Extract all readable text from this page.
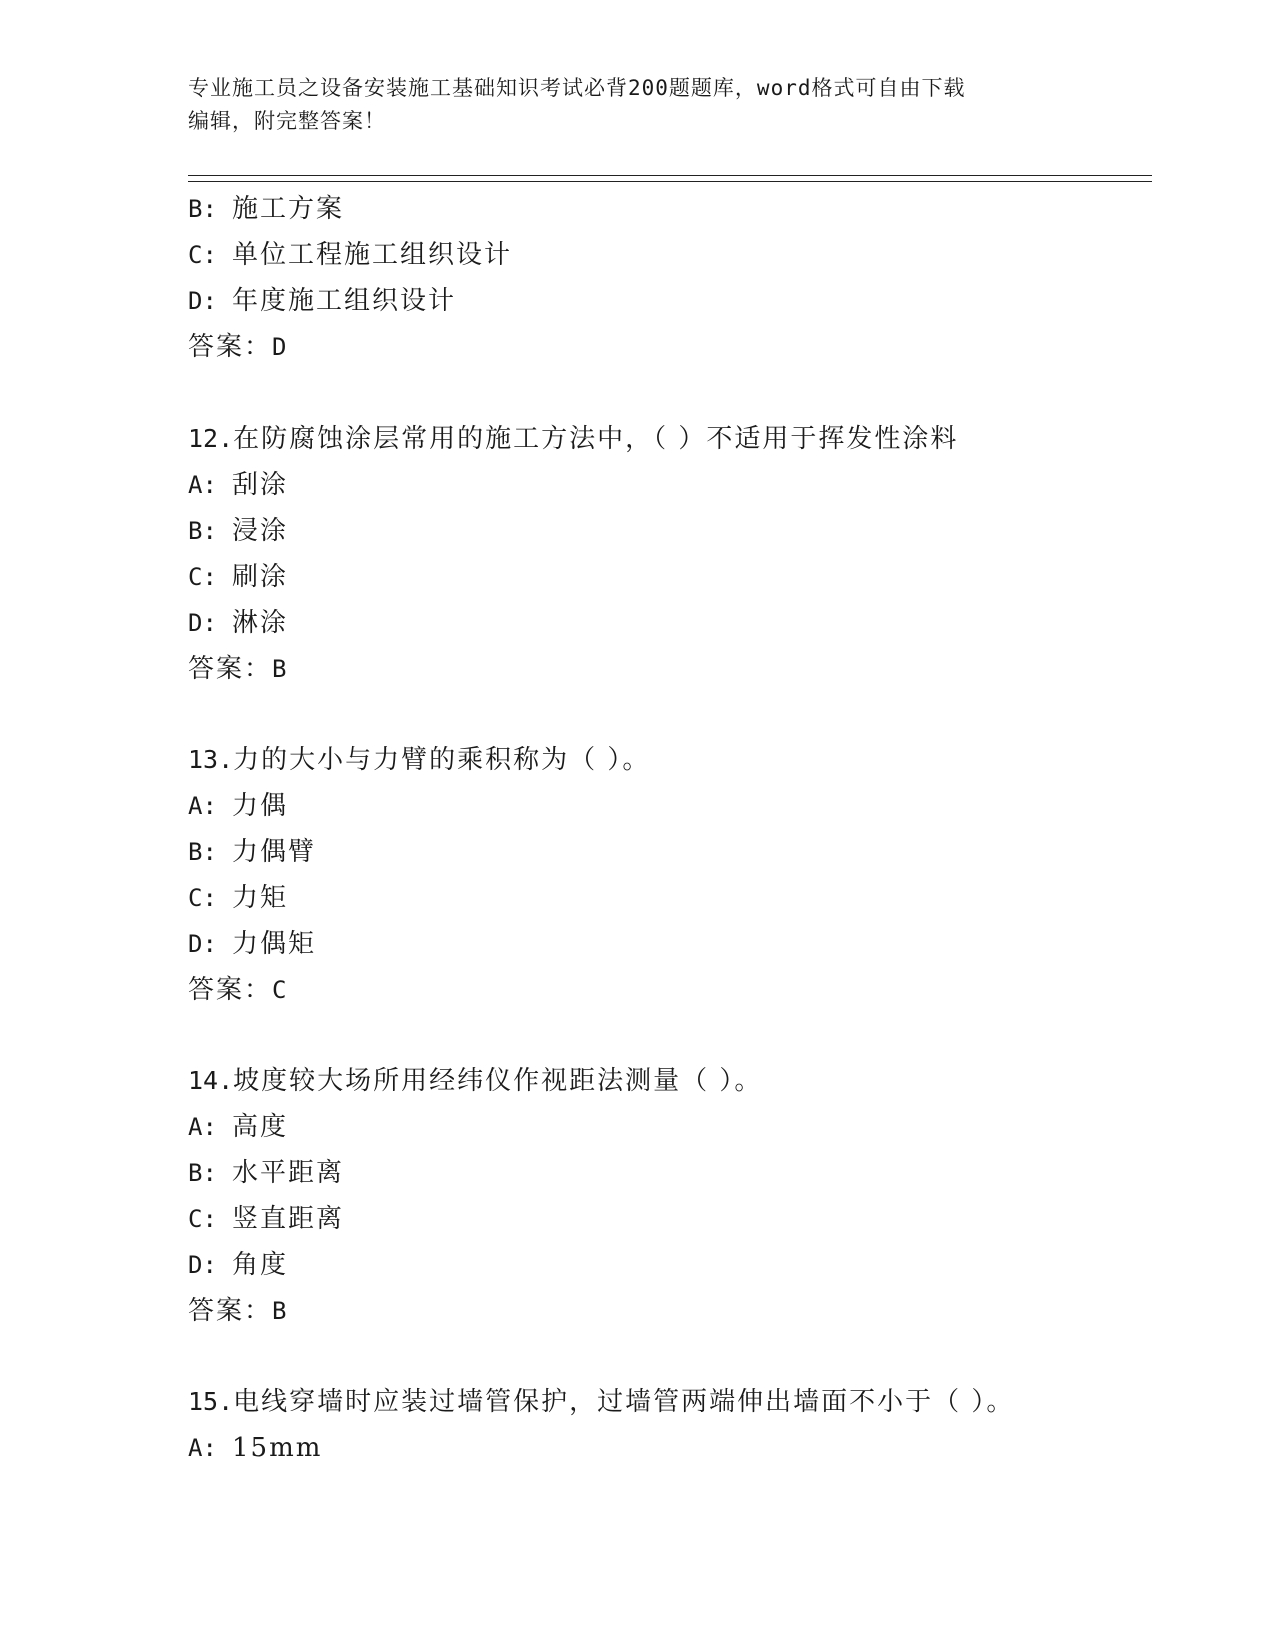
专业施工员之设备安装施工基础知识考试必背200题题库，word格式可自由下载
编辑，附完整答案！
B: 施工方案
C: 单位工程施工组织设计
D: 年度施工组织设计
答案：D
12.在防腐蚀涂层常用的施工方法中，（ ）不适用于挥发性涂料
A: 刮涂
B: 浸涂
C: 刷涂
D: 淋涂
答案：B
13.力的大小与力臂的乘积称为（ ）。
A: 力偶
B: 力偶臂
C: 力矩
D: 力偶矩
答案：C
14.坡度较大场所用经纬仪作视距法测量（ ）。
A: 高度
B: 水平距离
C: 竖直距离
D: 角度
答案：B
15.电线穿墙时应装过墙管保护，过墙管两端伸出墙面不小于（ ）。
A: 15mm
